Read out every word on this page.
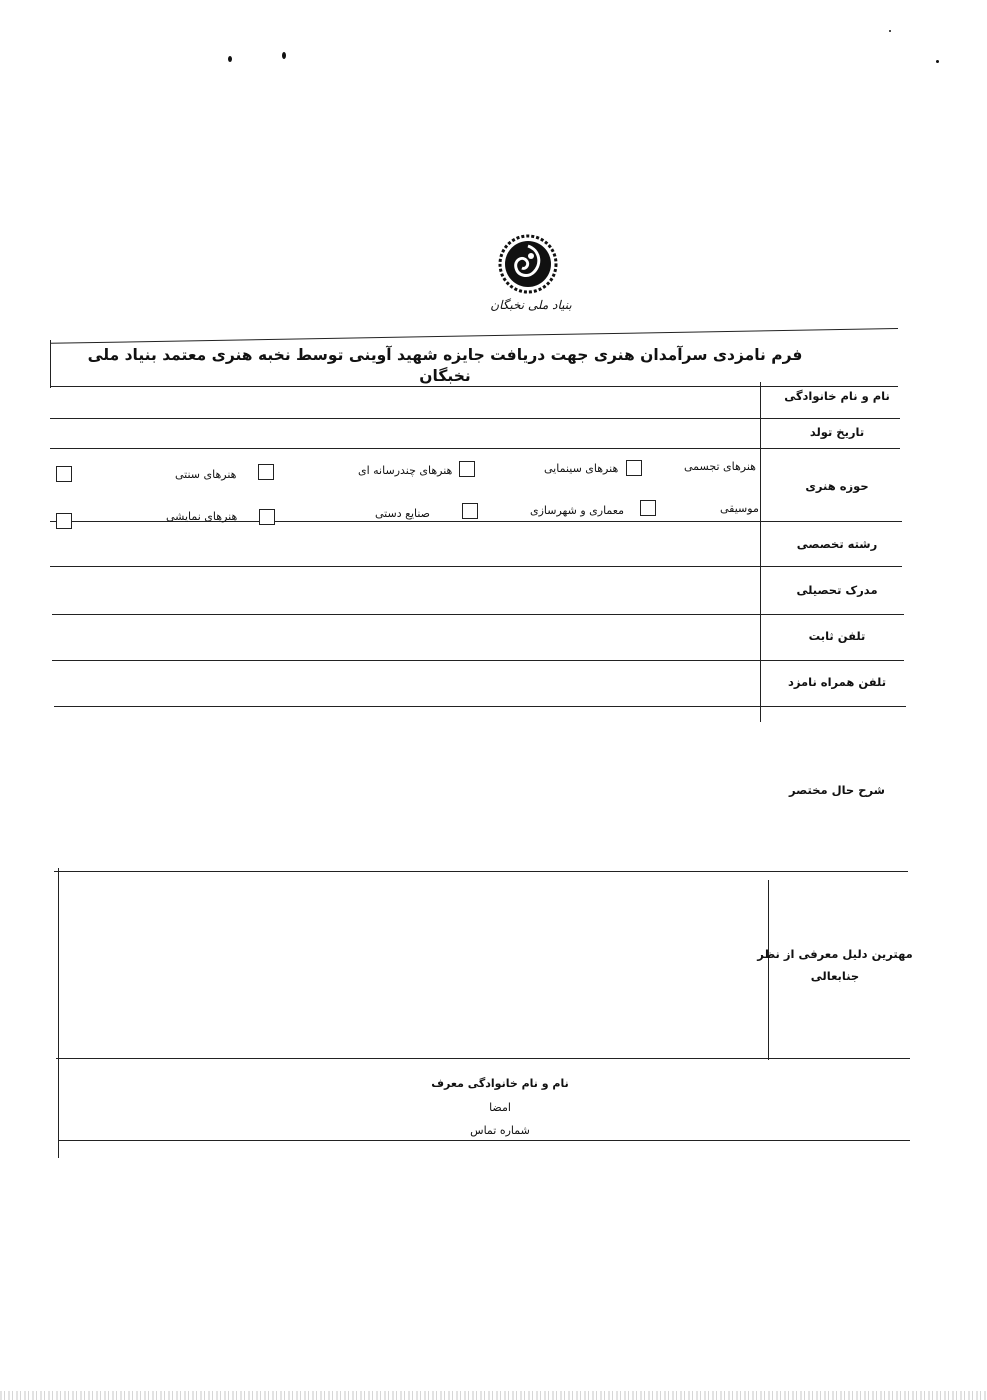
بنیاد ملی نخبگان
فرم نامزدی سرآمدان هنری جهت دریافت جایزه شهید آوینی توسط نخبه هنری معتمد بنیاد ملی نخبگان
نام و نام خانوادگی
تاریخ تولد
حوزه هنری
رشته تخصصی
مدرک تحصیلی
تلفن ثابت
تلفن همراه نامزد
شرح حال مختصر
مهترین دلیل معرفی از نظر
جنابعالی
هنرهای تجسمی
هنرهای سینمایی
هنرهای چندرسانه ای
هنرهای سنتی
موسیقی
معماری و شهرسازی
صنایع دستی
هنرهای نمایشی
نام و نام خانوادگی معرف
امضا
شماره تماس
